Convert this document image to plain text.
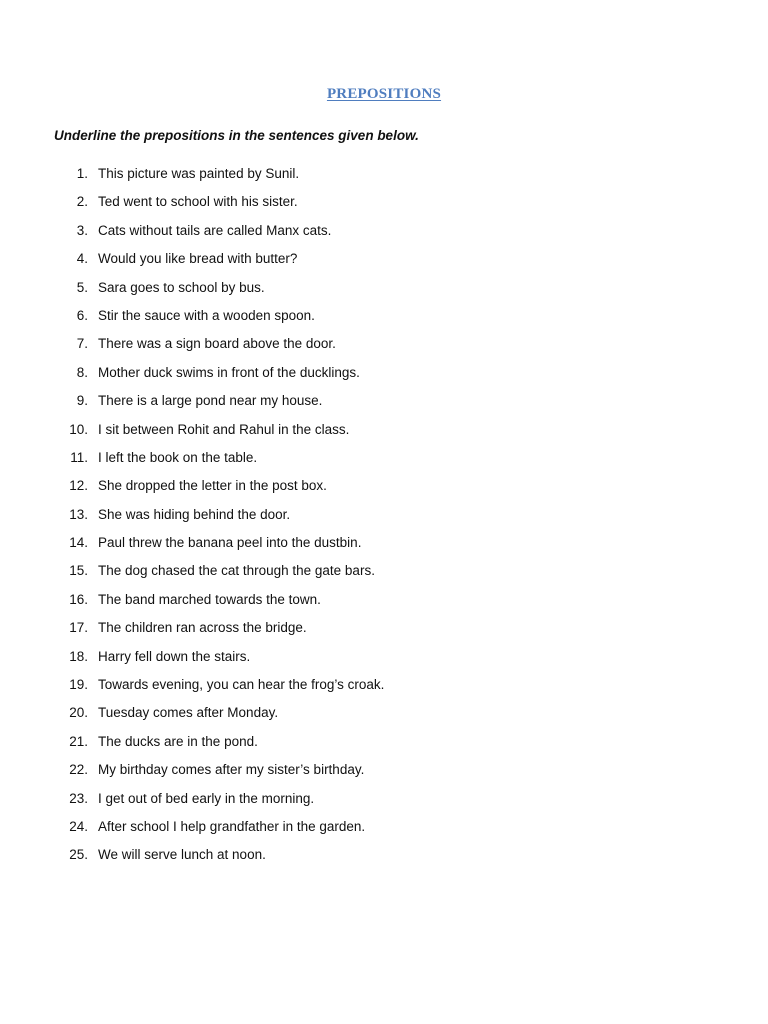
PREPOSITIONS
Underline the prepositions in the sentences given below.
1. This picture was painted by Sunil.
2. Ted went to school with his sister.
3. Cats without tails are called Manx cats.
4. Would you like bread with butter?
5. Sara goes to school by bus.
6. Stir the sauce with a wooden spoon.
7. There was a sign board above the door.
8. Mother duck swims in front of the ducklings.
9. There is a large pond near my house.
10. I sit between Rohit and Rahul in the class.
11. I left the book on the table.
12. She dropped the letter in the post box.
13. She was hiding behind the door.
14. Paul threw the banana peel into the dustbin.
15. The dog chased the cat through the gate bars.
16. The band marched towards the town.
17. The children ran across the bridge.
18. Harry fell down the stairs.
19. Towards evening, you can hear the frog’s croak.
20. Tuesday comes after Monday.
21. The ducks are in the pond.
22. My birthday comes after my sister’s birthday.
23. I get out of bed early in the morning.
24. After school I help grandfather in the garden.
25. We will serve lunch at noon.
